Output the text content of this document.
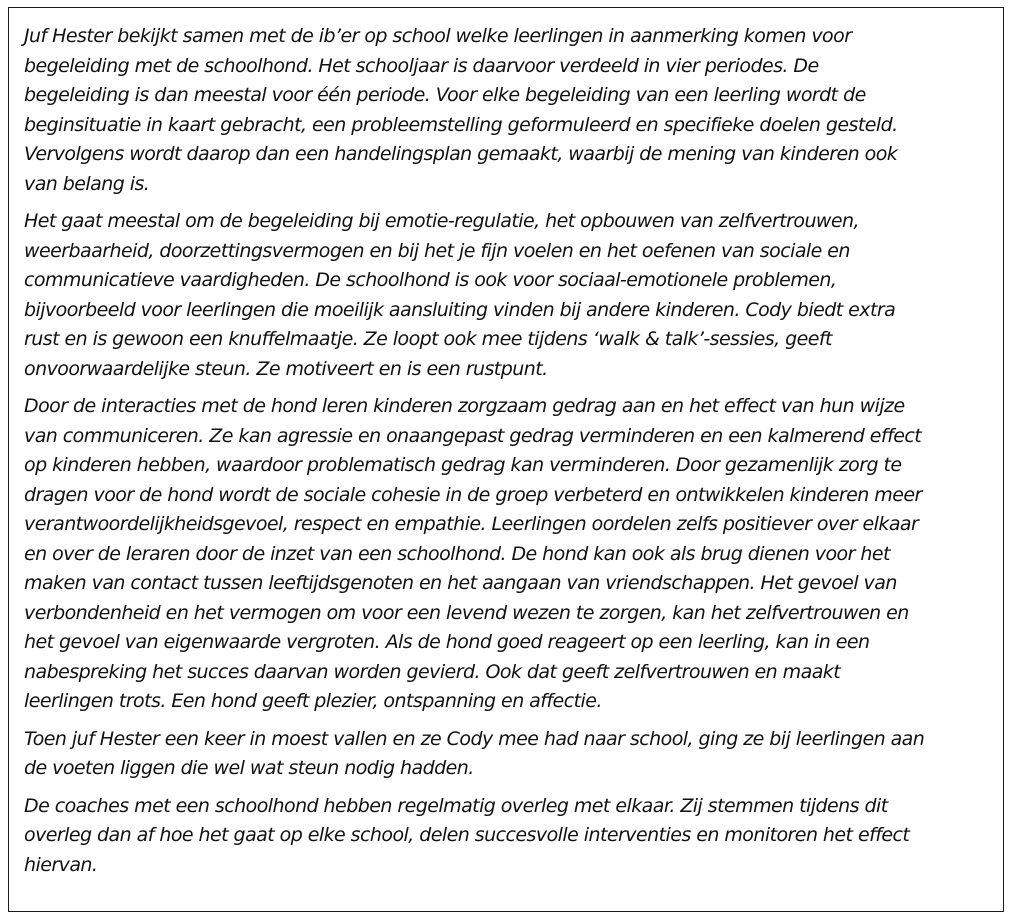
Juf Hester bekijkt samen met de ib’er op school welke leerlingen in aanmerking komen voor
begeleiding met de schoolhond. Het schooljaar is daarvoor verdeeld in vier periodes. De
begeleiding is dan meestal voor één periode. Voor elke begeleiding van een leerling wordt de
beginsituatie in kaart gebracht, een probleemstelling geformuleerd en specifieke doelen gesteld.
Vervolgens wordt daarop dan een handelingsplan gemaakt, waarbij de mening van kinderen ook
van belang is.

Het gaat meestal om de begeleiding bij emotie-regulatie, het opbouwen van zelfvertrouwen,
weerbaarheid, doorzettingsvermogen en bij het je fijn voelen en het oefenen van sociale en
communicatieve vaardigheden. De schoolhond is ook voor sociaal-emotionele problemen,
bijvoorbeeld voor leerlingen die moeilijk aansluiting vinden bij andere kinderen. Cody biedt extra
rust en is gewoon een knuffelmaatje. Ze loopt ook mee tijdens ‘walk & talk’-sessies, geeft
onvoorwaardelijke steun. Ze motiveert en is een rustpunt.

Door de interacties met de hond leren kinderen zorgzaam gedrag aan en het effect van hun wijze
van communiceren. Ze kan agressie en onaangepast gedrag verminderen en een kalmerend effect
op kinderen hebben, waardoor problematisch gedrag kan verminderen. Door gezamenlijk zorg te
dragen voor de hond wordt de sociale cohesie in de groep verbeterd en ontwikkelen kinderen meer
verantwoordelijkheidsgevoel, respect en empathie. Leerlingen oordelen zelfs positiever over elkaar
en over de leraren door de inzet van een schoolhond. De hond kan ook als brug dienen voor het
maken van contact tussen leeftijdsgenoten en het aangaan van vriendschappen. Het gevoel van
verbondenheid en het vermogen om voor een levend wezen te zorgen, kan het zelfvertrouwen en
het gevoel van eigenwaarde vergroten. Als de hond goed reageert op een leerling, kan in een
nabespreking het succes daarvan worden gevierd. Ook dat geeft zelfvertrouwen en maakt
leerlingen trots. Een hond geeft plezier, ontspanning en affectie.

Toen juf Hester een keer in moest vallen en ze Cody mee had naar school, ging ze bij leerlingen aan
de voeten liggen die wel wat steun nodig hadden.

De coaches met een schoolhond hebben regelmatig overleg met elkaar. Zij stemmen tijdens dit
overleg dan af hoe het gaat op elke school, delen succesvolle interventies en monitoren het effect
hiervan.
